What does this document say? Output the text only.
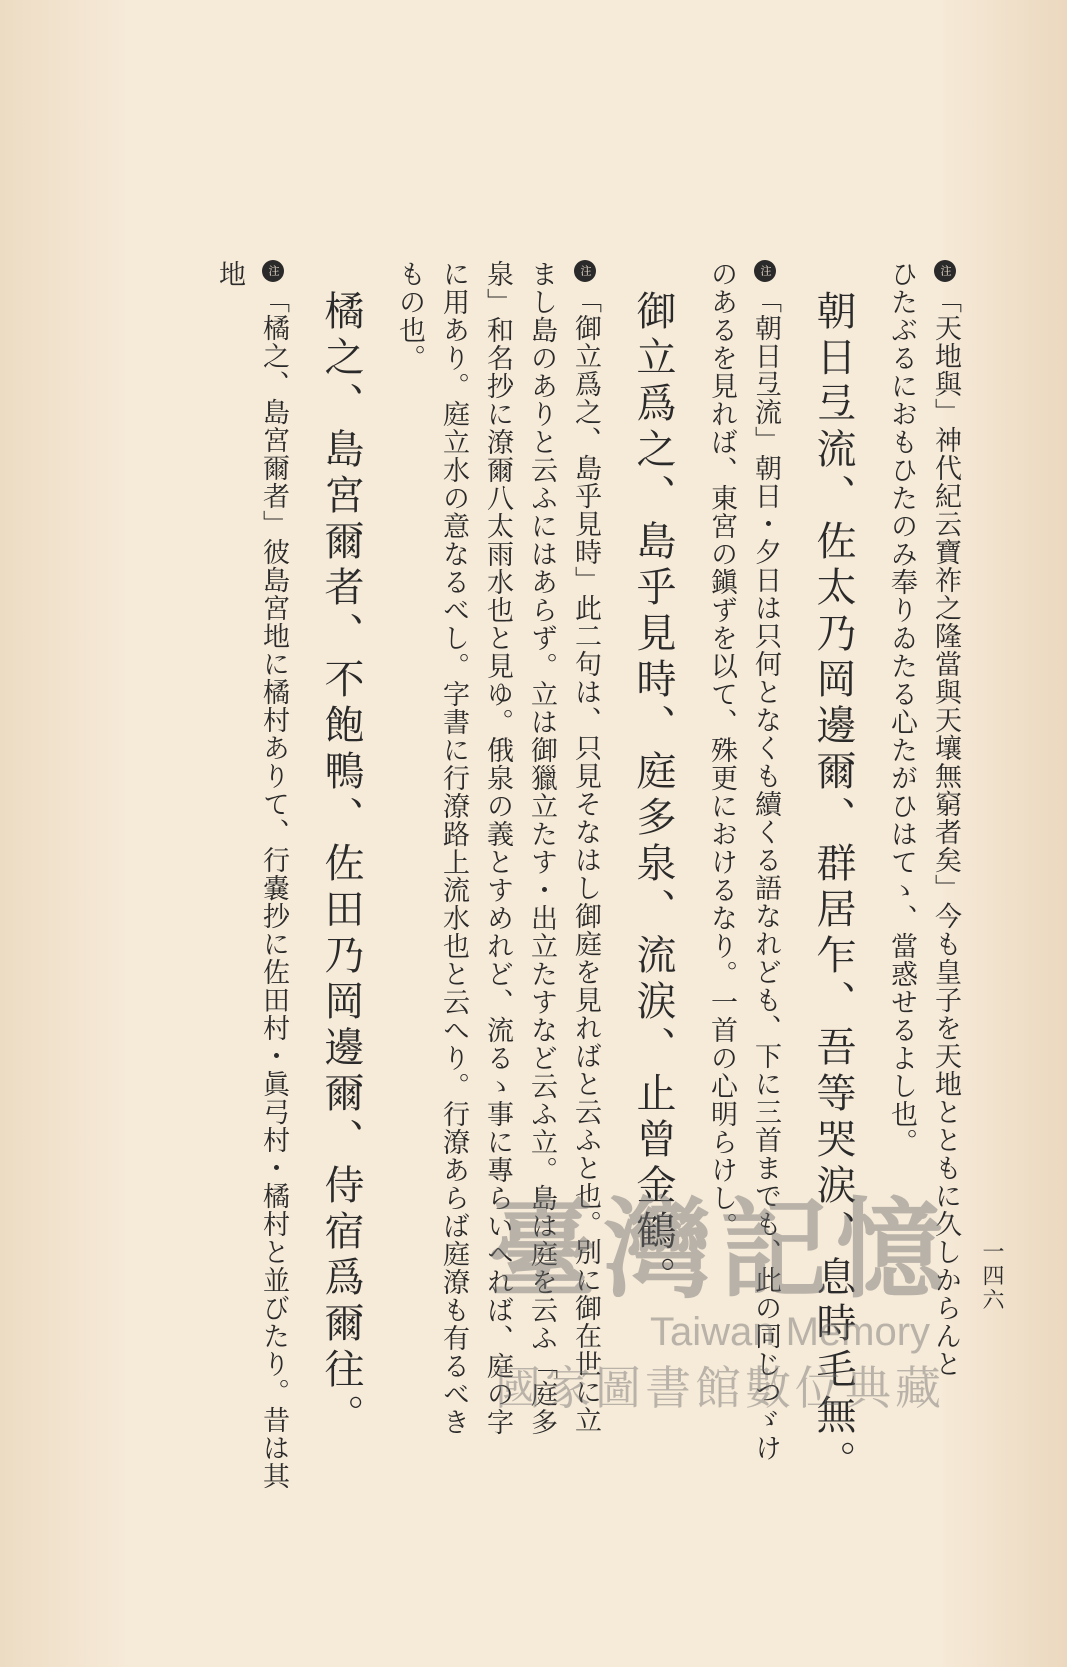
一四六
注「天地與」神代紀云寶祚之隆當與天壤無窮者矣」今も皇子を天地とともに久しからんと
ひたぶるにおもひたのみ奉りゐたる心たがひはてゝ、當惑せるよし也。
朝日弖流、佐太乃岡邊爾、群居乍、吾等哭涙、息時毛無。
注「朝日弖流」朝日・夕日は只何となくも續くる語なれども、下に三首までも、此の同じつゞけ
のあるを見れば、東宮の鎭ずを以て、殊更におけるなり。一首の心明らけし。
御立爲之、島乎見時、庭多泉、流涙、止曾金鶴。
注「御立爲之、島乎見時」此二句は、只見そなはし御庭を見ればと云ふと也。別に御在世に立
まし島のありと云ふにはあらず。立は御獵立たす・出立たすなど云ふ立。島は庭を云ふ「庭多
泉」和名抄に潦爾八太雨水也と見ゆ。俄泉の義とすめれど、流るゝ事に專らいへれば、庭の字
に用あり。庭立水の意なるべし。字書に行潦路上流水也と云へり。行潦あらば庭潦も有るべき
もの也。
橘之、島宮爾者、不飽鴨、佐田乃岡邊爾、侍宿爲爾往。
注「橘之、島宮爾者」彼島宮地に橘村ありて、行嚢抄に佐田村・眞弓村・橘村と並びたり。昔は其地
臺灣記憶
Taiwan Memory
國家圖書館數位典藏
